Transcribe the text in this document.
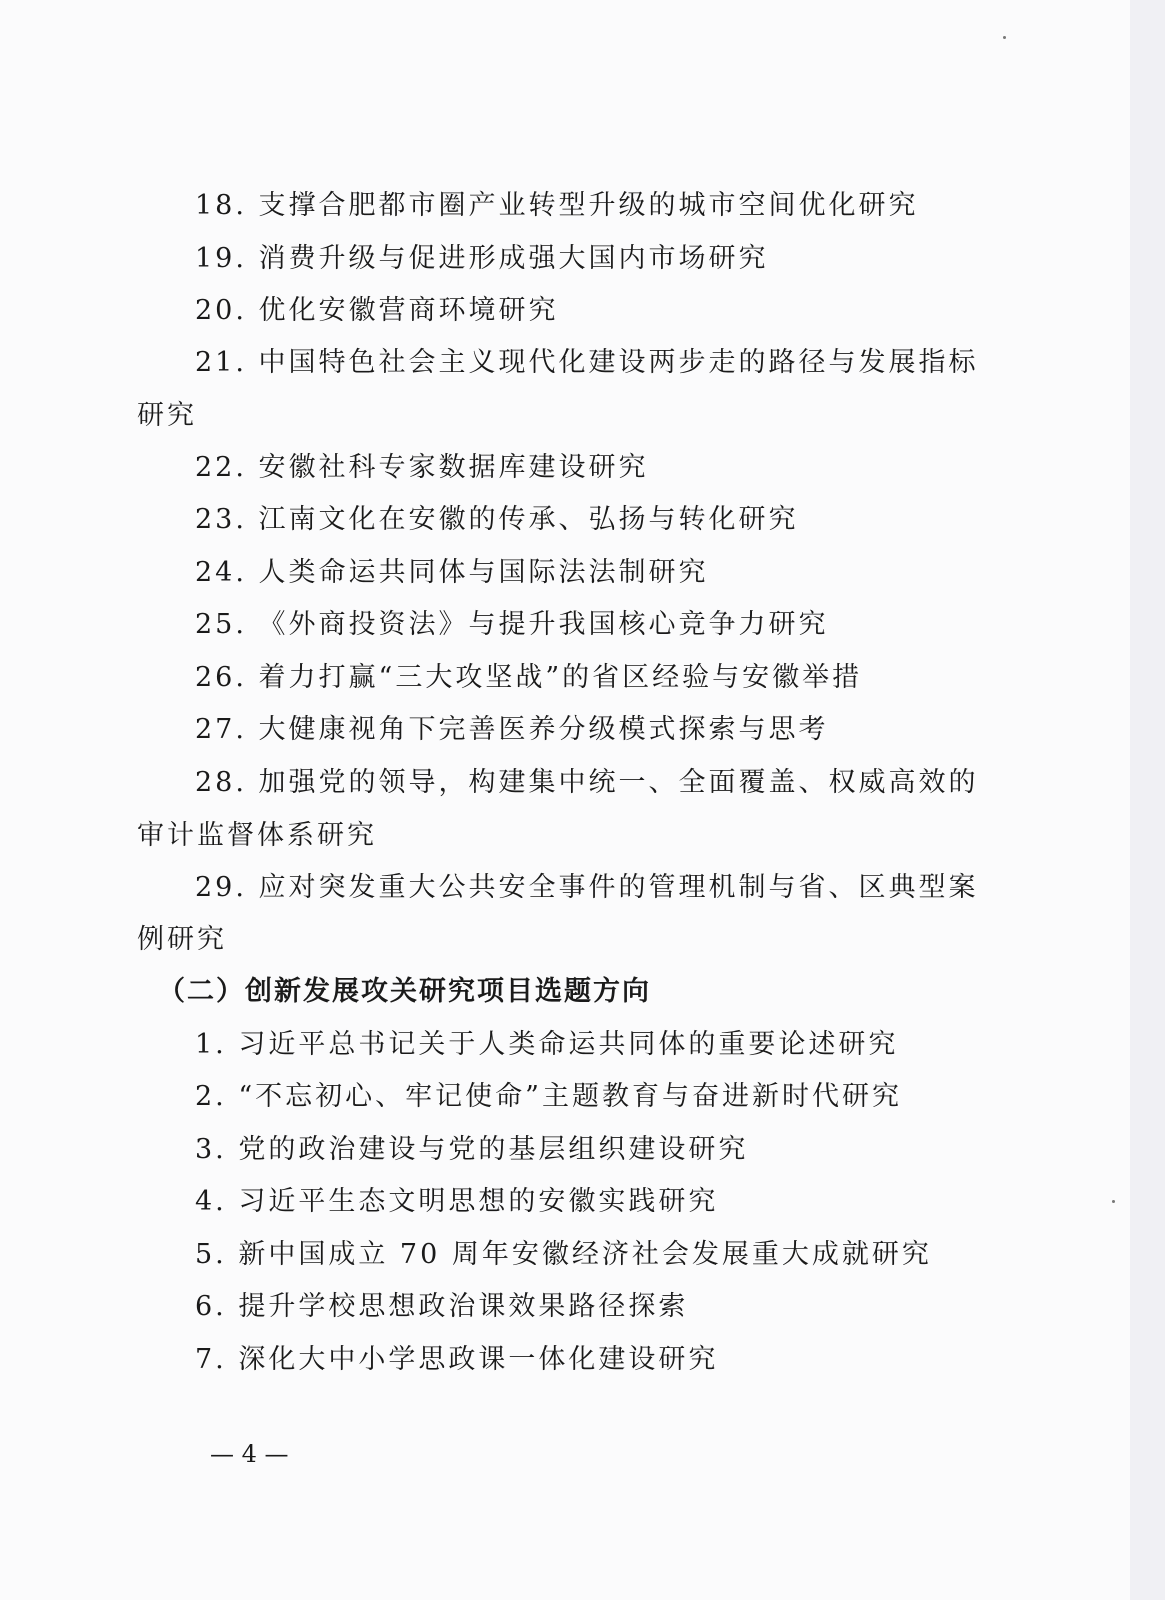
18. 支撑合肥都市圈产业转型升级的城市空间优化研究
19. 消费升级与促进形成强大国内市场研究
20. 优化安徽营商环境研究
21. 中国特色社会主义现代化建设两步走的路径与发展指标
研究
22. 安徽社科专家数据库建设研究
23. 江南文化在安徽的传承、弘扬与转化研究
24. 人类命运共同体与国际法法制研究
25. 《外商投资法》与提升我国核心竞争力研究
26. 着力打赢“三大攻坚战”的省区经验与安徽举措
27. 大健康视角下完善医养分级模式探索与思考
28. 加强党的领导，构建集中统一、全面覆盖、权威高效的
审计监督体系研究
29. 应对突发重大公共安全事件的管理机制与省、区典型案
例研究
（二）创新发展攻关研究项目选题方向
1. 习近平总书记关于人类命运共同体的重要论述研究
2. “不忘初心、牢记使命”主题教育与奋进新时代研究
3. 党的政治建设与党的基层组织建设研究
4. 习近平生态文明思想的安徽实践研究
5. 新中国成立 70 周年安徽经济社会发展重大成就研究
6. 提升学校思想政治课效果路径探索
7. 深化大中小学思政课一体化建设研究
— 4 —
